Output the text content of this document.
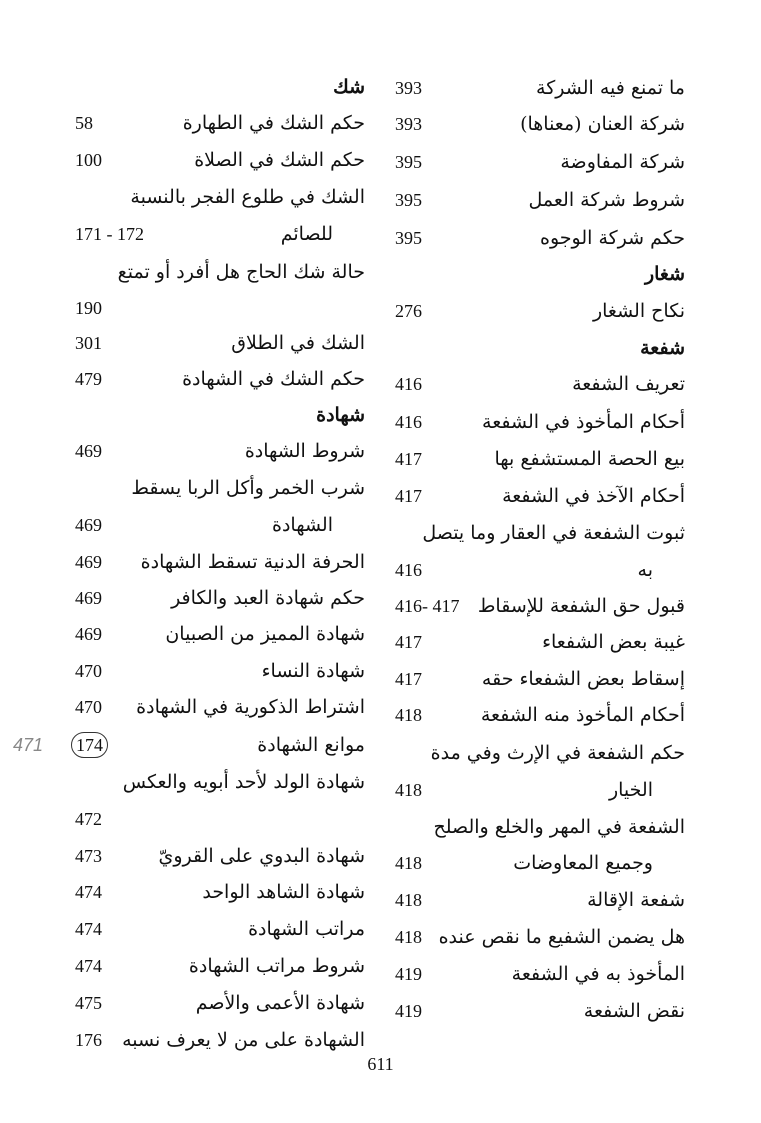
ما تمنع فيه الشركة
393
شركة العنان (معناها)
393
شركة المفاوضة
395
شروط شركة العمل
395
حكم شركة الوجوه
395
شغار
نكاح الشغار
276
شفعة
تعريف الشفعة
416
أحكام المأخوذ في الشفعة
416
بيع الحصة المستشفع بها
417
أحكام الآخذ في الشفعة
417
ثبوت الشفعة في العقار وما يتصل
به
416
قبول حق الشفعة للإسقاط
416- 417
غيبة بعض الشفعاء
417
إسقاط بعض الشفعاء حقه
417
أحكام المأخوذ منه الشفعة
418
حكم الشفعة في الإرث وفي مدة
الخيار
418
الشفعة في المهر والخلع والصلح
وجميع المعاوضات
418
شفعة الإقالة
418
هل يضمن الشفيع ما نقص عنده
418
المأخوذ به في الشفعة
419
نقض الشفعة
419
شك
حكم الشك في الطهارة
58
حكم الشك في الصلاة
100
الشك في طلوع الفجر بالنسبة
للصائم
171 - 172
حالة شك الحاج هل أفرد أو تمتع
190
الشك في الطلاق
301
حكم الشك في الشهادة
479
شهادة
شروط الشهادة
469
شرب الخمر وأكل الربا يسقط
الشهادة
469
الحرفة الدنية تسقط الشهادة
469
حكم شهادة العبد والكافر
469
شهادة المميز من الصبيان
469
شهادة النساء
470
اشتراط الذكورية في الشهادة
470
موانع الشهادة
174
471
شهادة الولد لأحد أبويه والعكس
472
شهادة البدوي على القرويّ
473
شهادة الشاهد الواحد
474
مراتب الشهادة
474
شروط مراتب الشهادة
474
شهادة الأعمى والأصم
475
الشهادة على من لا يعرف نسبه
176
611
